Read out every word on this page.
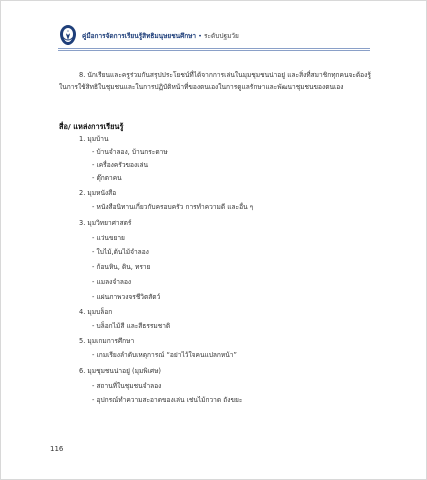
คู่มือการจัดการเรียนรู้สิทธิมนุษยชนศึกษา • ระดับปฐมวัย
8. นักเรียนและครูร่วมกันสรุปประโยชน์ที่ได้จากการเล่นในมุมชุมชนน่าอยู่ และสิ่งที่สมาชิกทุกคนจะต้องรู้ในการใช้สิทธิในชุมชนและในการปฏิบัติหน้าที่ของตนเองในการดูแลรักษาและพัฒนาชุมชนของตนเอง
สื่อ/ แหล่งการเรียนรู้
1. มุมบ้าน
- บ้านจำลอง, บ้านกระดาษ
- เครื่องครัวของเล่น
- ตุ๊กตาคน
2. มุมหนังสือ
- หนังสือนิทานเกี่ยวกับครอบครัว การทำความดี และอื่น ๆ
3. มุมวิทยาศาสตร์
- แว่นขยาย
- ใบไม้,ต้นไม้จำลอง
- ก้อนหิน, ดิน, ทราย
- แมลงจำลอง
- แผ่นภาพวงจรชีวิตสัตว์
4. มุมบล็อก
- บล็อกไม้สี และสีธรรมชาติ
5. มุมเกมการศึกษา
- เกมเรียงลำดับเหตุการณ์ “อย่าไว้ใจคนแปลกหน้า”
6. มุมชุมชนน่าอยู่ (มุมพิเศษ)
- สถานที่ในชุมชนจำลอง
- อุปกรณ์ทำความสะอาดของเล่น เช่นไม้กวาด ถังขยะ
116
